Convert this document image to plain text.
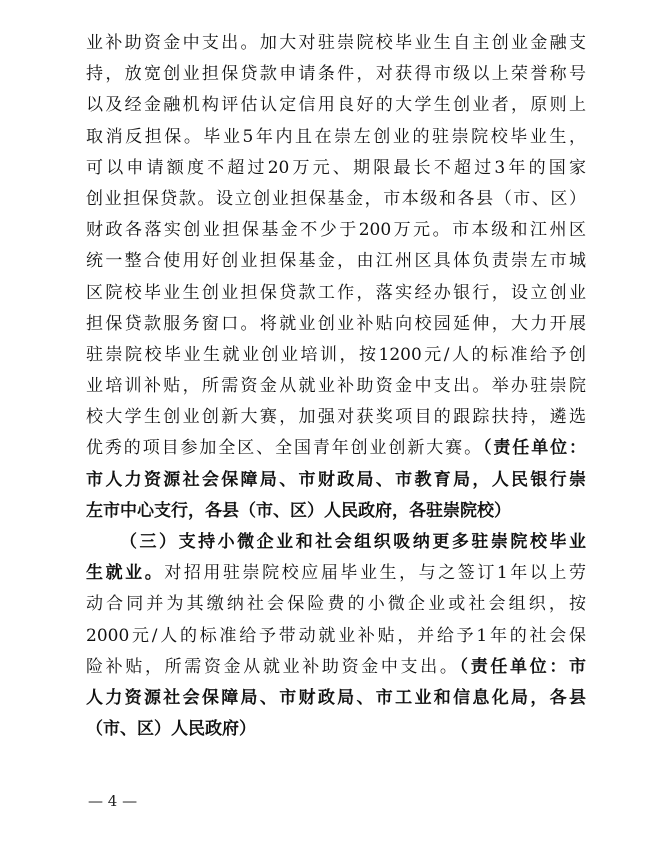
业补助资金中支出。加大对驻崇院校毕业生自主创业金融支
持，放宽创业担保贷款申请条件，对获得市级以上荣誉称号
以及经金融机构评估认定信用良好的大学生创业者，原则上
取消反担保。毕业5年内且在崇左创业的驻崇院校毕业生，
可以申请额度不超过20万元、期限最长不超过3年的国家
创业担保贷款。设立创业担保基金，市本级和各县（市、区）
财政各落实创业担保基金不少于200万元。市本级和江州区
统一整合使用好创业担保基金，由江州区具体负责崇左市城
区院校毕业生创业担保贷款工作，落实经办银行，设立创业
担保贷款服务窗口。将就业创业补贴向校园延伸，大力开展
驻崇院校毕业生就业创业培训，按1200元/人的标准给予创
业培训补贴，所需资金从就业补助资金中支出。举办驻崇院
校大学生创业创新大赛，加强对获奖项目的跟踪扶持，遴选
优秀的项目参加全区、全国青年创业创新大赛。（责任单位：
市人力资源社会保障局、市财政局、市教育局，人民银行崇
左市中心支行，各县（市、区）人民政府，各驻崇院校）
（三）支持小微企业和社会组织吸纳更多驻崇院校毕业
生就业。对招用驻崇院校应届毕业生，与之签订1年以上劳
动合同并为其缴纳社会保险费的小微企业或社会组织，按
2000元/人的标准给予带动就业补贴，并给予1年的社会保
险补贴，所需资金从就业补助资金中支出。（责任单位：市
人力资源社会保障局、市财政局、市工业和信息化局，各县
（市、区）人民政府）
— 4 —
